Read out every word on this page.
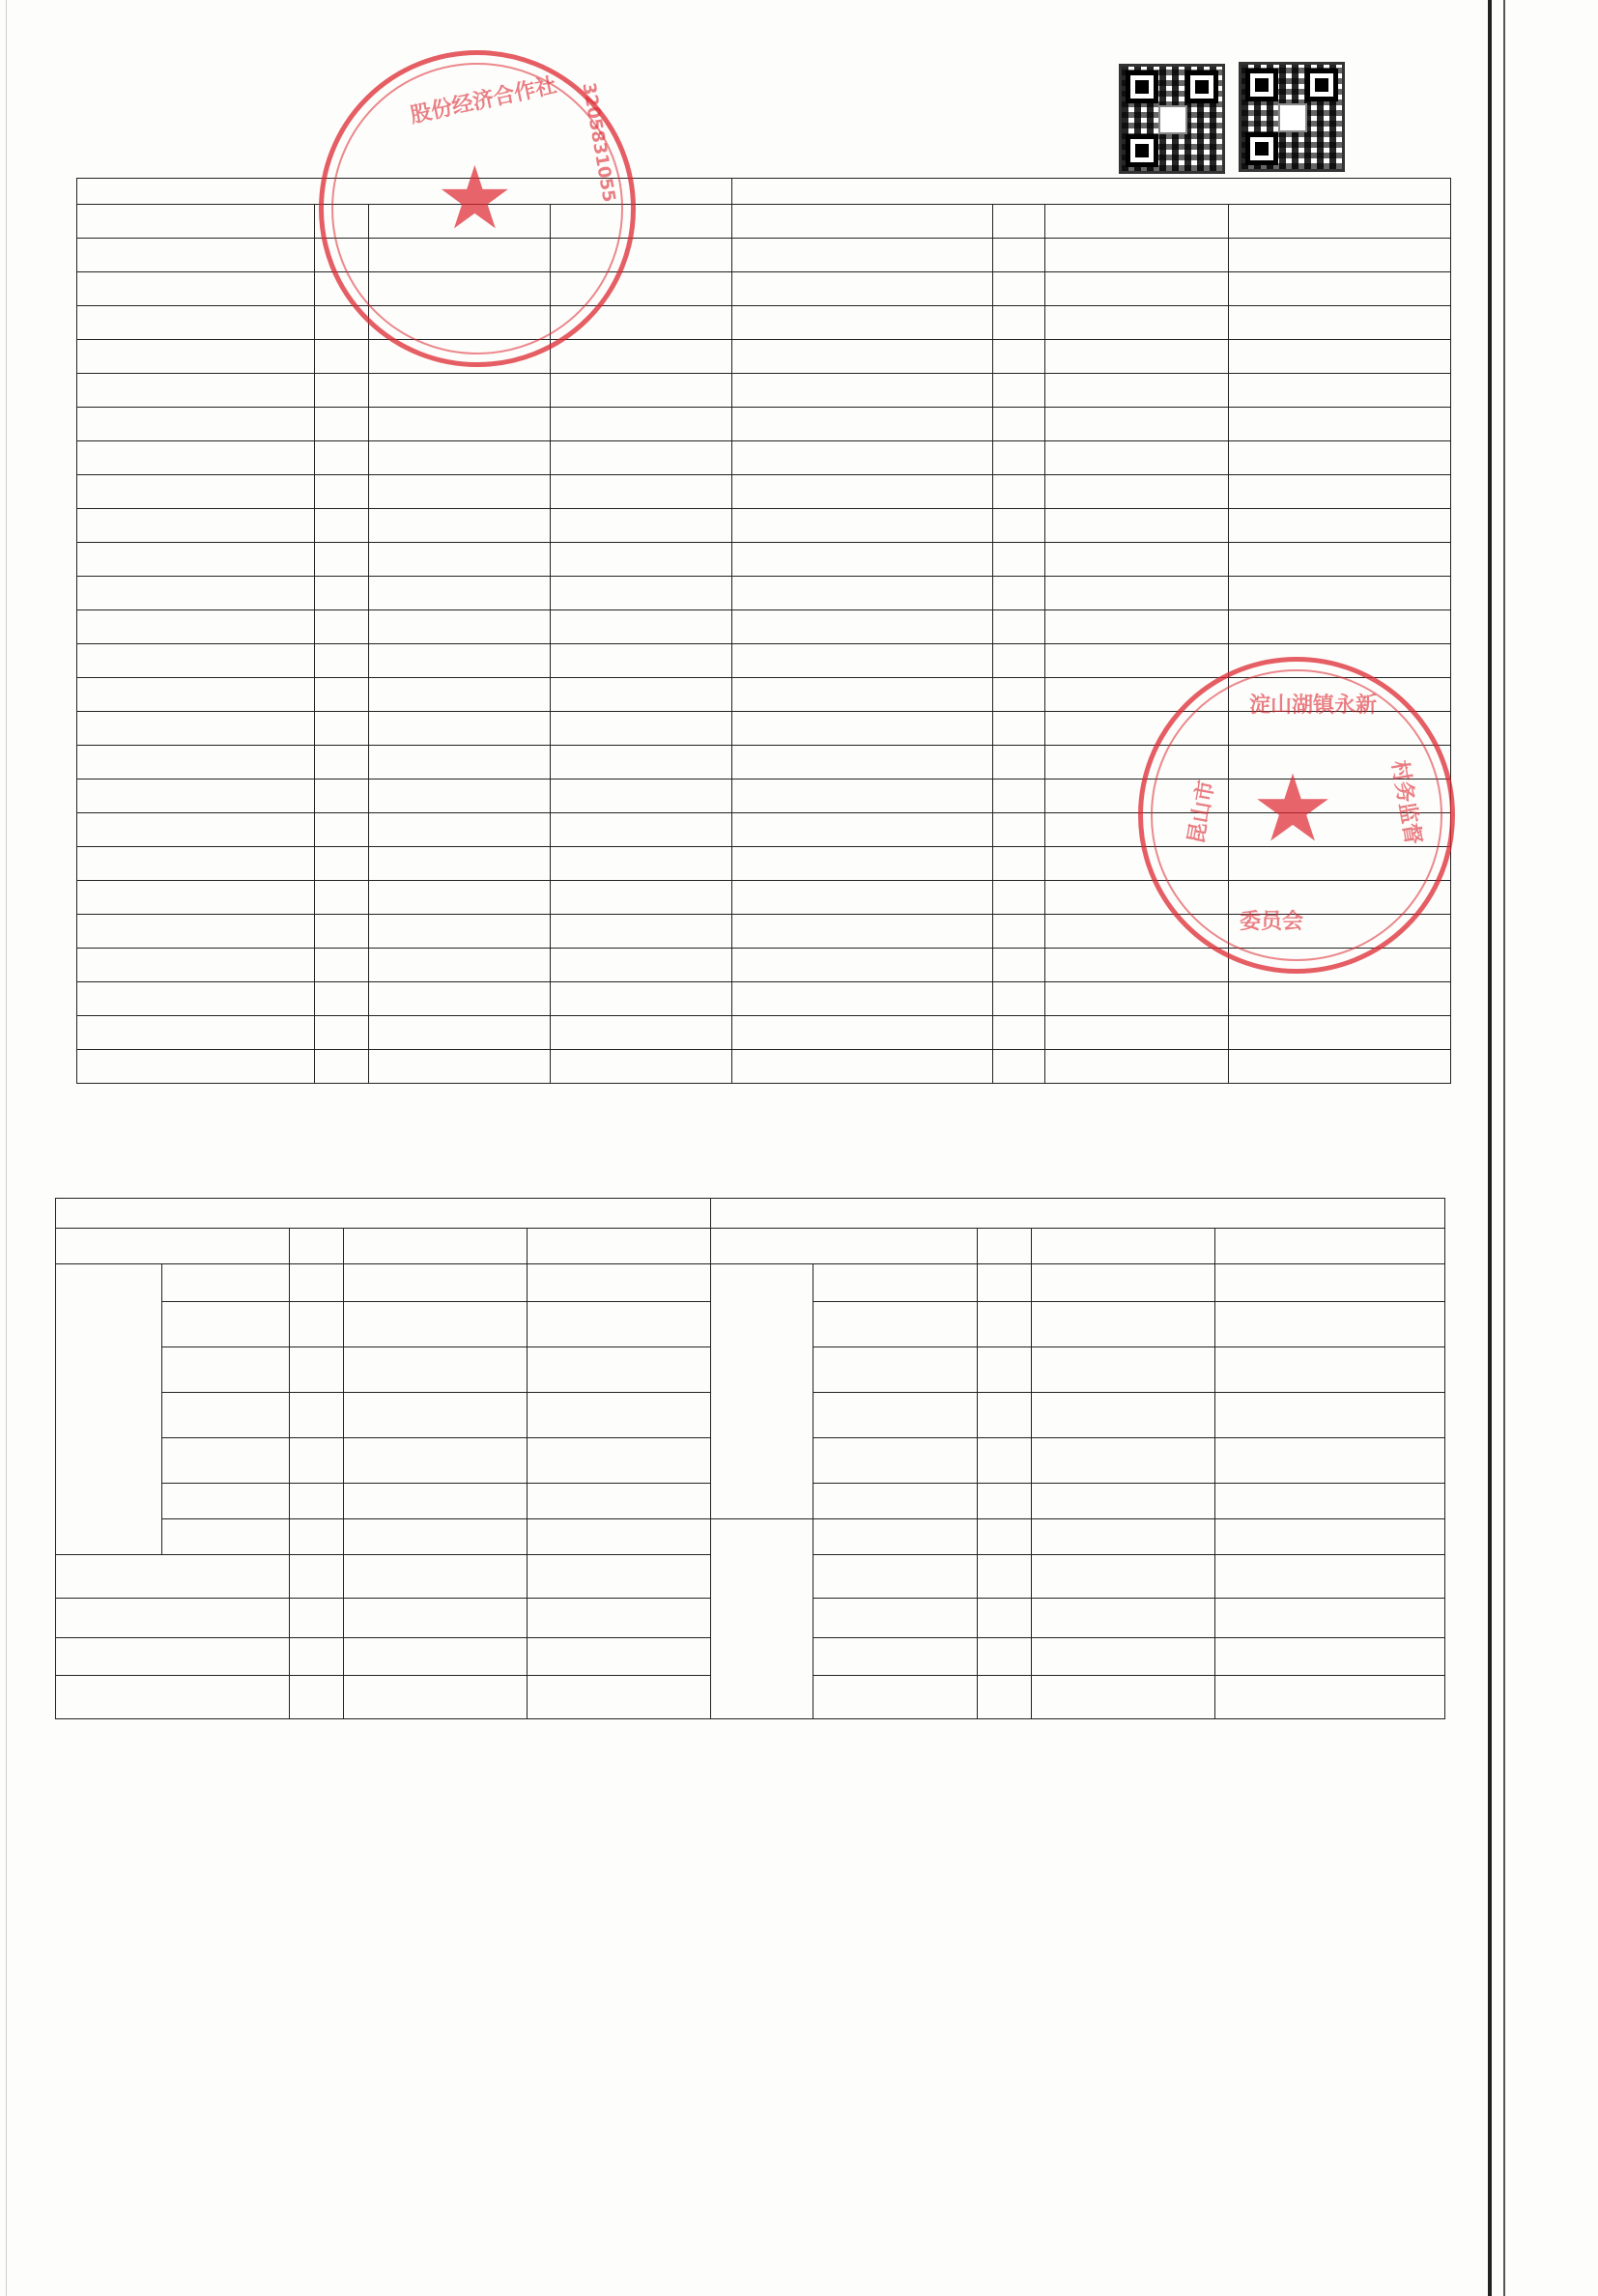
★
股份经济合作社 3205831055
★
昆山市
淀山湖镇永新
村务监督
委员会
